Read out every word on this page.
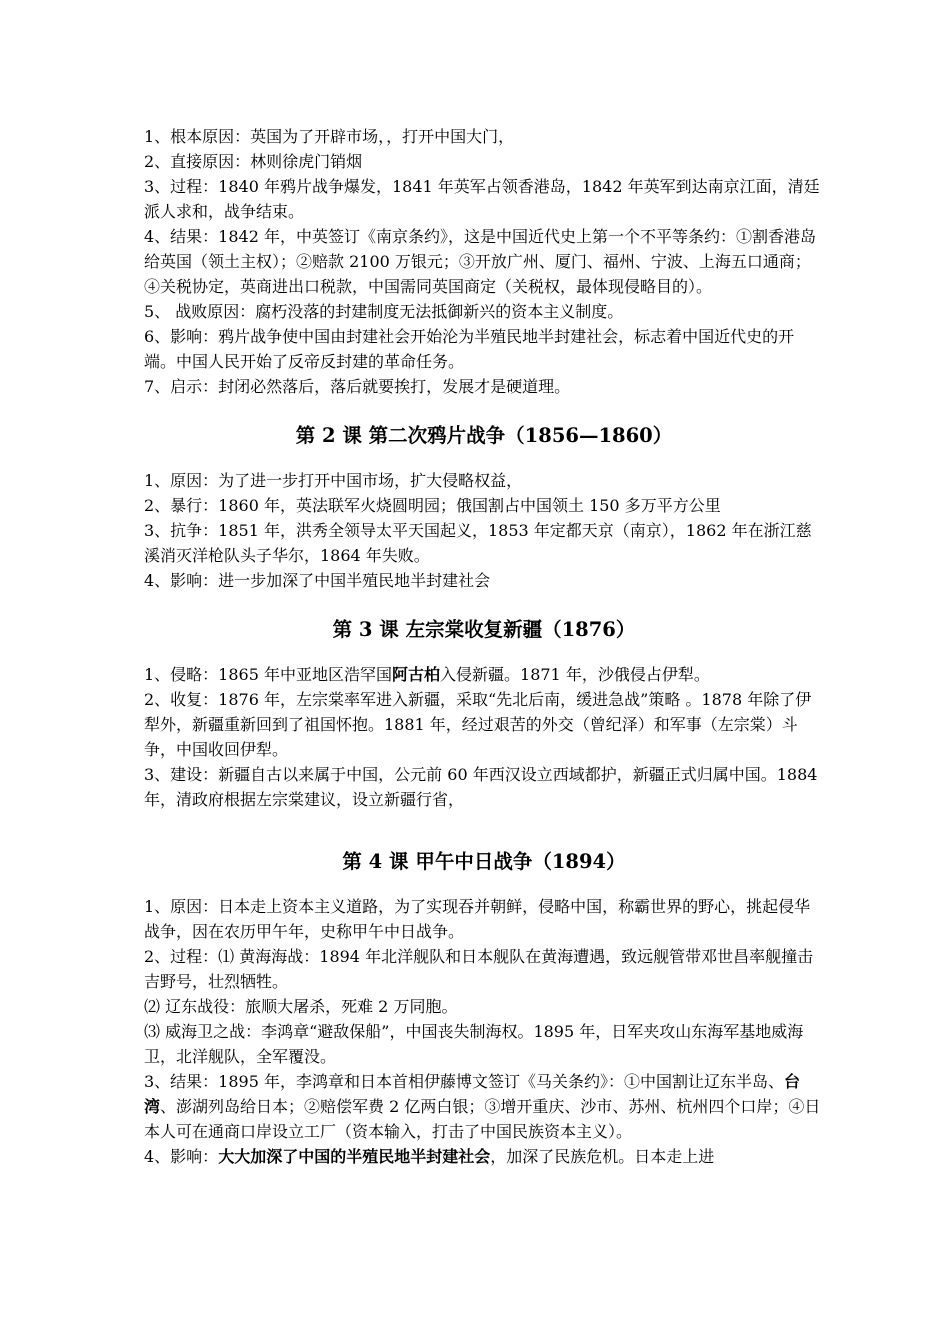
1、根本原因：英国为了开辟市场，，打开中国大门，

2、直接原因：林则徐虎门销烟

3、过程：1840 年鸦片战争爆发，1841 年英军占领香港岛，1842 年英军到达南京江面，清廷派人求和，战争结束。

4、结果：1842 年，中英签订《南京条约》，这是中国近代史上第一个不平等条约：①割香港岛给英国（领土主权）；②赔款 2100 万银元；③开放广州、厦门、福州、宁波、上海五口通商；④关税协定，英商进出口税款，中国需同英国商定（关税权，最体现侵略目的）。

5、 战败原因：腐朽没落的封建制度无法抵御新兴的资本主义制度。

6、影响：鸦片战争使中国由封建社会开始沦为半殖民地半封建社会，标志着中国近代史的开端。中国人民开始了反帝反封建的革命任务。

7、启示：封闭必然落后，落后就要挨打，发展才是硬道理。

第 2 课 第二次鸦片战争（1856—1860）

1、原因：为了进一步打开中国市场，扩大侵略权益，

2、暴行：1860 年，英法联军火烧圆明园；俄国割占中国领土 150 多万平方公里

3、抗争：1851 年，洪秀全领导太平天国起义，1853 年定都天京（南京），1862 年在浙江慈溪消灭洋枪队头子华尔，1864 年失败。

4、影响：进一步加深了中国半殖民地半封建社会

第 3 课 左宗棠收复新疆（1876）

1、侵略：1865 年中亚地区浩罕国阿古柏入侵新疆。1871 年，沙俄侵占伊犁。

2、收复：1876 年，左宗棠率军进入新疆，采取“先北后南，缓进急战”策略 。1878 年除了伊犁外，新疆重新回到了祖国怀抱。1881 年，经过艰苦的外交（曾纪泽）和军事（左宗棠）斗争，中国收回伊犁。

3、建设：新疆自古以来属于中国，公元前 60 年西汉设立西域都护，新疆正式归属中国。1884 年，清政府根据左宗棠建议，设立新疆行省，

第 4 课 甲午中日战争（1894）

1、原因：日本走上资本主义道路，为了实现吞并朝鲜，侵略中国，称霸世界的野心，挑起侵华战争，因在农历甲午年，史称甲午中日战争。

2、过程：⑴ 黄海海战：1894 年北洋舰队和日本舰队在黄海遭遇，致远舰管带邓世昌率舰撞击吉野号，壮烈牺牲。

⑵ 辽东战役：旅顺大屠杀，死难 2 万同胞。

⑶ 威海卫之战：李鸿章“避敌保船”，中国丧失制海权。1895 年，日军夹攻山东海军基地威海卫，北洋舰队，全军覆没。

3、结果：1895 年，李鸿章和日本首相伊藤博文签订《马关条约》：①中国割让辽东半岛、台湾、澎湖列岛给日本；②赔偿军费 2 亿两白银；③增开重庆、沙市、苏州、杭州四个口岸；④日本人可在通商口岸设立工厂（资本输入，打击了中国民族资本主义）。

4、影响：大大加深了中国的半殖民地半封建社会，加深了民族危机。日本走上进
